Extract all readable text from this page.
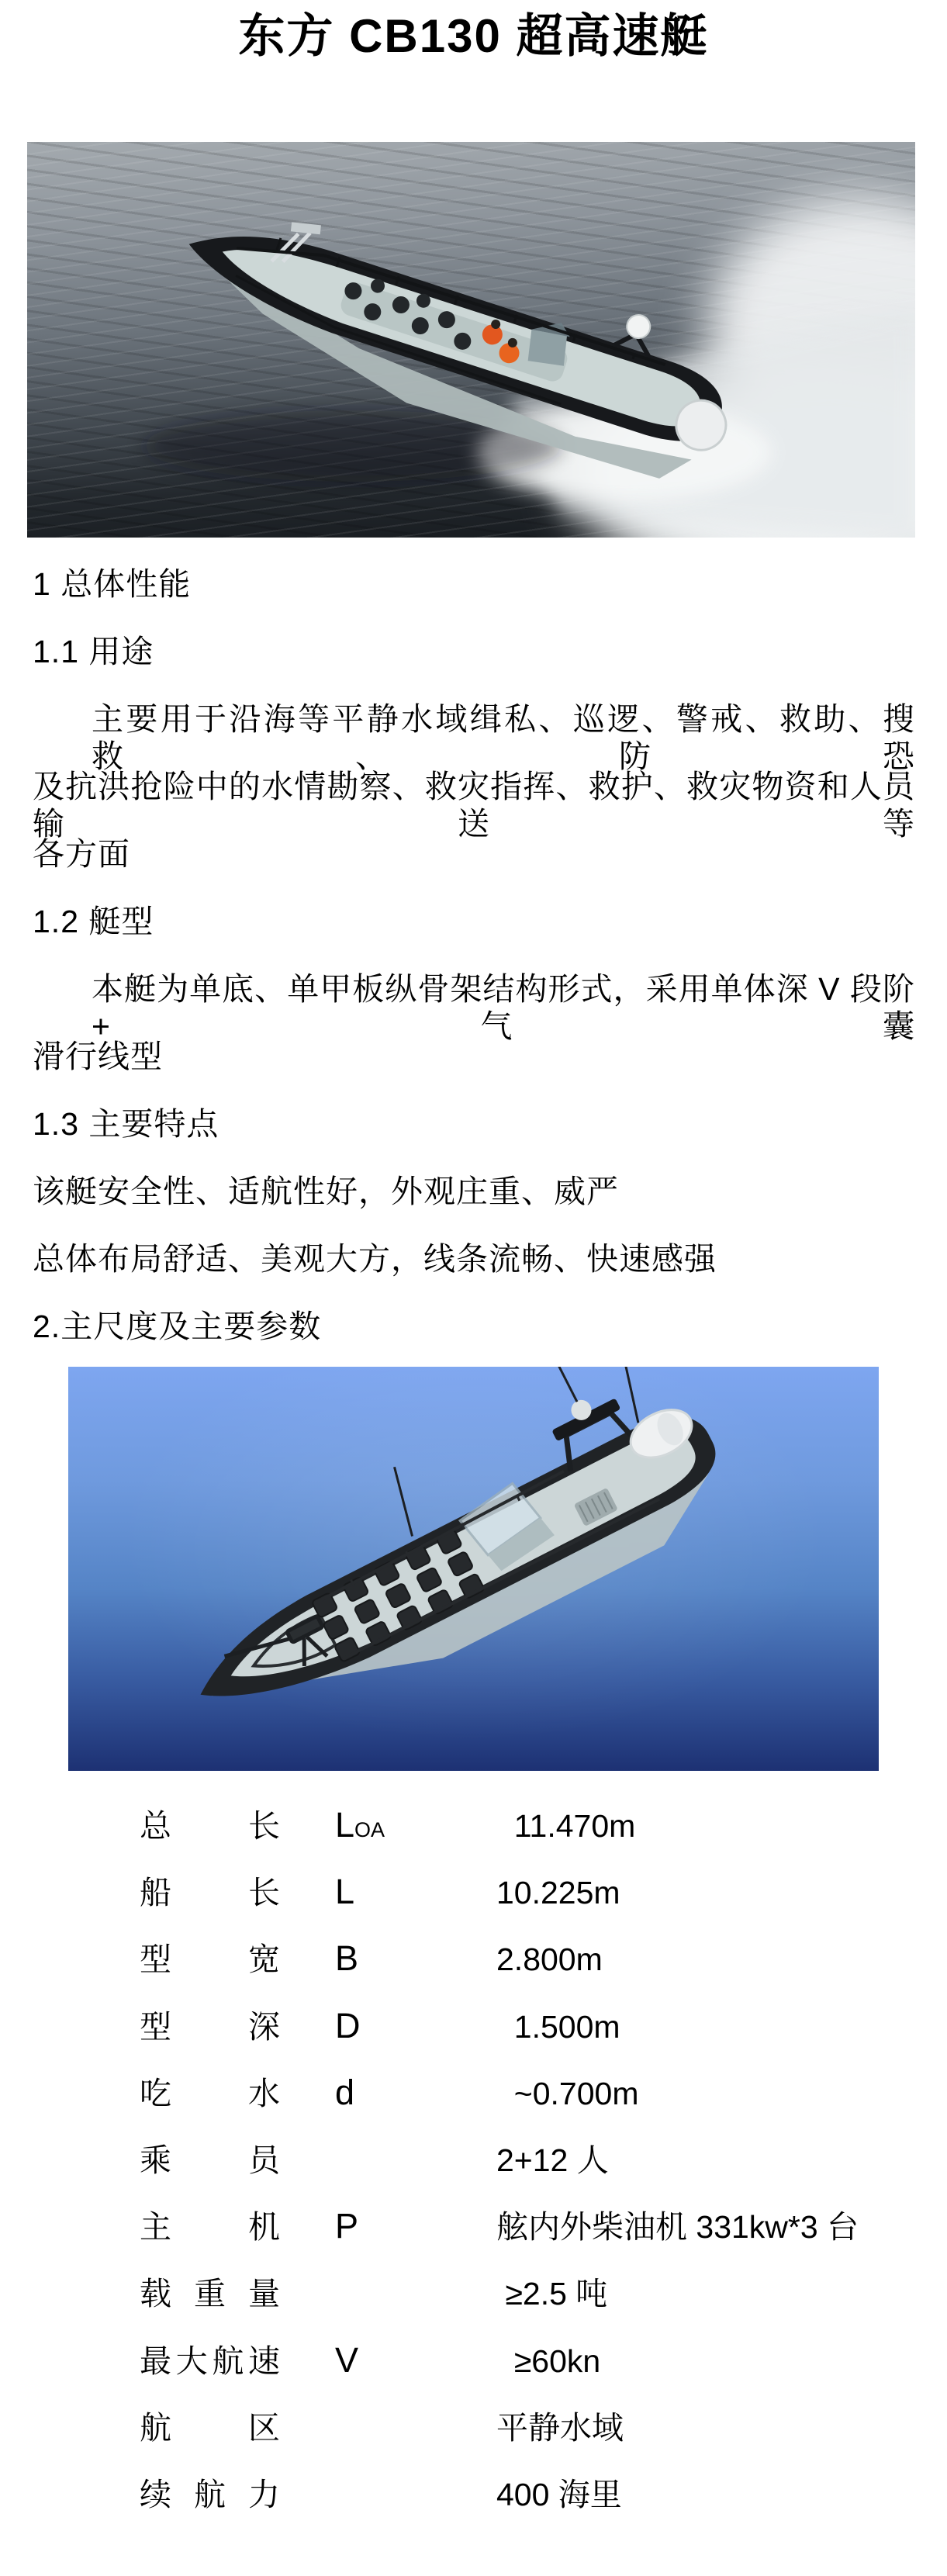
东方 CB130 超高速艇
1 总体性能
1.1 用途
主要用于沿海等平静水域缉私、巡逻、警戒、救助、搜救、防恐
及抗洪抢险中的水情勘察、救灾指挥、救护、救灾物资和人员输送等
各方面
1.2 艇型
本艇为单底、单甲板纵骨架结构形式，采用单体深 V 段阶+气囊
滑行线型
1.3 主要特点
该艇安全性、适航性好，外观庄重、威严
总体布局舒适、美观大方，线条流畅、快速感强
2.主尺度及主要参数
总 长 LOA	11.470m
船 长 L	10.225m
型 宽 B	2.800m
型 深 D	1.500m
吃 水 d	~0.700m
乘 员	2+12 人
主 机 P	舷内外柴油机 331kw*3 台
载 重 量	≥2.5 吨
最 大 航 速 V	≥60kn
航 区	平静水域
续 航 力	400 海里
